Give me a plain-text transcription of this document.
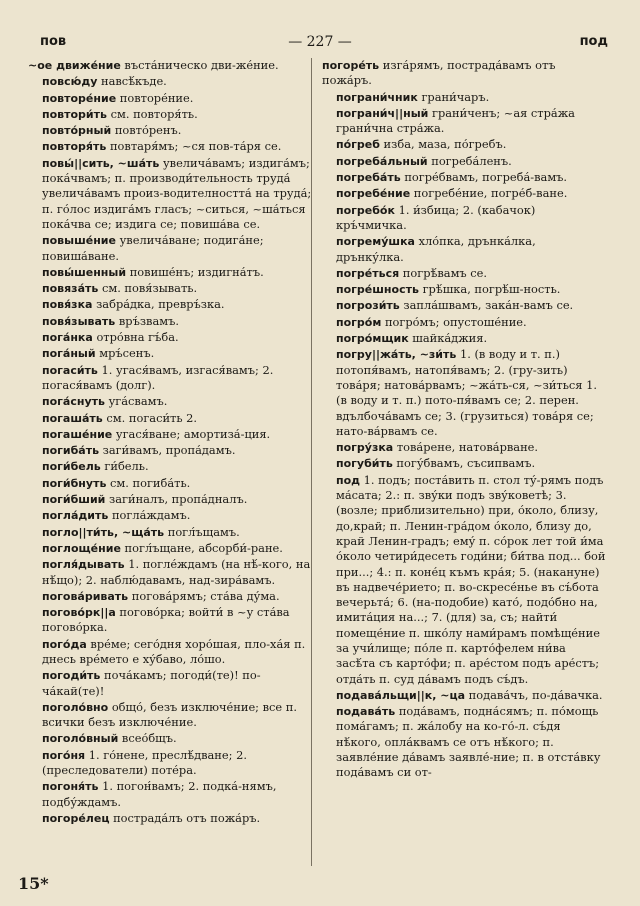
пов	— 227 —	под

~ое движе́ние въста́ническо дви-же́ние.

повсю́ду навсѣ́къде.

повторе́ние повторе́ние.

повтори́ть см. повторя́ть.

повто́рный повто́ренъ.

повторя́ть повтаря́мъ; ~ся пов-та́ря се.

повы́||сить, ~ша́ть увелича́вамъ; издига́мъ; пока́чвамъ; п. производи́тельность труда́ увелича́вамъ произ-водителността́ на труда́; п. го́лос издига́мъ гласъ; ~ситься, ~ша́ться пока́чва се; издига се; повиша́ва се.

повыше́ние увелича́ване; подига́не; повиша́ване.

повы́шенный повише́нъ; издигна́тъ.

повяза́ть см. повя́зывать.

повя́зка забра́дка, превръ́зка.

повя́зывать връ́звамъ.

пога́нка отро́вна гъ́ба.

пога́ный мръ́сенъ.

погаси́ть 1. угася́вамъ, изгася́вамъ; 2. погася́вамъ (долг).

пога́снуть уга́свамъ.

погаша́ть см. погаси́ть 2.

погаше́ние угася́ване; амортиза́-ция.

погиба́ть заги́вамъ, пропа́дамъ.

поги́бель ги́бель.

поги́бнуть см. погиба́ть.

поги́бший заги́налъ, пропа́дналъ.

погла́дить погла́ждамъ.

погло||ти́ть, ~ща́ть погл́ъщамъ.

поглоще́ние погл́ъщане, абсорби́-ране.

погля́дывать 1. погле́ждамъ (на нѣ́-кого, на нѣ́що); 2. наблю́давамъ, над-зира́вамъ.

погова́ривать погова́рямъ; ста́ва ду́ма.

погово́рк||а погово́рка; войти́ в ~у ста́ва погово́рка.

пого́да вре́ме; сего́дня хоро́шая, пло-ха́я п. днесь вре́мето е ху́баво, ло́шо.

погоди́ть поча́камъ; погоди́(те)! по-ча́кай(те)!

поголо́вно общо́, безъ изключе́ние; все п. всички безъ изключе́ние.

поголо́вный всео́бщъ.

пого́ня 1. го́нене, преслѣ́дване; 2. (преследователи) поте́ра.

погоня́ть 1. погон́вамъ; 2. подка́-нямъ, подбу́ждамъ.

погоре́лец пострада́лъ отъ пожа́ръ.

погоре́ть изга́рямъ, пострада́вамъ отъ пожа́ръ.

пограни́чник грани́чаръ.

пограни́ч||ный грани́ченъ; ~ая стра́жа грани́чна стра́жа.

по́греб изба, маза, по́гребъ.

погреба́льный погреба́ленъ.

погреба́ть погре́бвамъ, погреба́-вамъ.

погребе́ние погребе́ние, погре́б-ване.

погребо́к 1. и́збица; 2. (кабачок) кръ́чмичка.

погрему́шка хло́пка, дрънка́лка, дрънку́лка.

погре́ться погрѣ́вамъ се.

погре́шность грѣ́шка, погрѣ́ш-ность.

погрози́ть запла́швамъ, зака́н-вамъ се.

погро́м погро́мъ; опустоше́ние.

погро́мщик шайка́джия.

погру||жа́ть, ~зи́ть 1. (в воду и т. п.) потопя́вамъ, натопя́вамъ; 2. (гру-зить) това́ря; натова́рвамъ; ~жа́ть-ся, ~зи́ться 1. (в воду и т. п.) пото-пя́вамъ се; 2. перен. вдълбоча́вамъ се; 3. (грузиться) това́ря се; нато-ва́рвамъ се.

погру́зка това́рене, натова́рване.

погуби́ть погу́бвамъ, съсипвамъ.

под 1. подъ; поста́вить п. стол ту́-рямъ подъ ма́сата; 2.: п. зву́ки подъ зву́коветѣ; 3. (возле; приблизительно) при, о́коло, близу, до,край; п. Ленин-гра́дом о́коло, близу до, край Ленин-градъ; ему́ п. со́рок лет той и́ма о́коло четири́десеть годи́ни; би́тва под... бой при...; 4.: п. коне́ц къмъ кра́я; 5. (накануне) въ надвече́рието; п. во-скресе́нье въ съ́бота вечерьта́; 6. (на-подобие) като́, подо́бно на, имита́ция на...; 7. (для) за, съ; найти́ помеще́ние п. шко́лу нами́рамъ помѣще́ние за учи́лище; по́ле п. карто́фелем ни́ва засѣ́та съ карто́фи; п. аре́стом подъ аре́стъ; отда́ть п. суд да́вамъ подъ съ́дъ.

подава́льщи||к, ~ца подава́чъ, по-да́вачка.

подава́ть пода́вамъ, подна́сямъ; п. по́мощь пома́гамъ; п. жа́лобу на ко-го́-л. съ́дя нѣ́кого, опла́квамъ се отъ нѣ́кого; п. заявле́ние да́вамъ заявле́-ние; п. в отста́вку пода́вамъ си от-

15*
